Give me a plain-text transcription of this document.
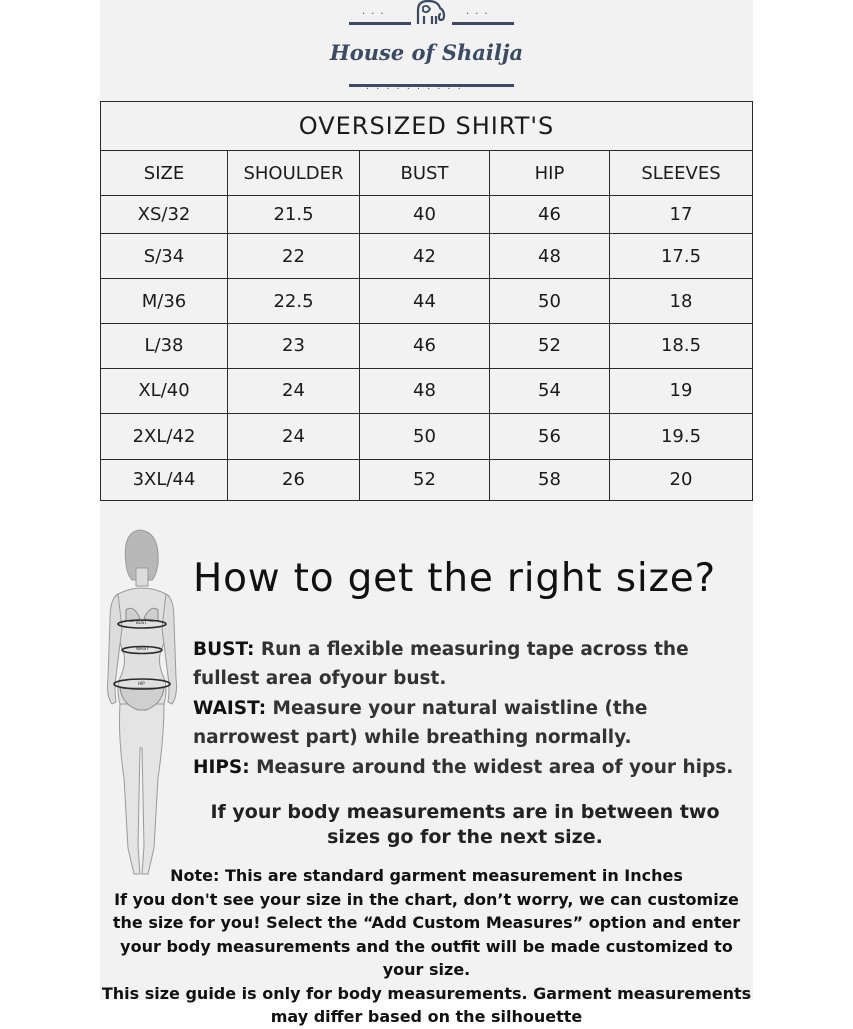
···	···
House of Shailja
··········
OVERSIZED SHIRT'S				
SIZE	SHOULDER	BUST	HIP	SLEEVES
XS/32	21.5	40	46	17
S/34	22	42	48	17.5
M/36	22.5	44	50	18
L/38	23	46	52	18.5
XL/40	24	48	54	19
2XL/42	24	50	56	19.5
3XL/44	26	52	58	20
BUST
WAIST
HIP
How to get the right size?
BUST: Run a flexible measuring tape across the fullest area ofyour bust.
WAIST: Measure your natural waistline (the narrowest part) while breathing normally.
HIPS: Measure around the widest area of your hips.
If your body measurements are in between two sizes go for the next size.
Note: This are standard garment measurement in Inches
If you don't see your size in the chart, don’t worry, we can customize the size for you! Select the “Add Custom Measures” option and enter your body measurements and the outfit will be made customized to your size.
This size guide is only for body measurements. Garment measurements may differ based on the silhouette
